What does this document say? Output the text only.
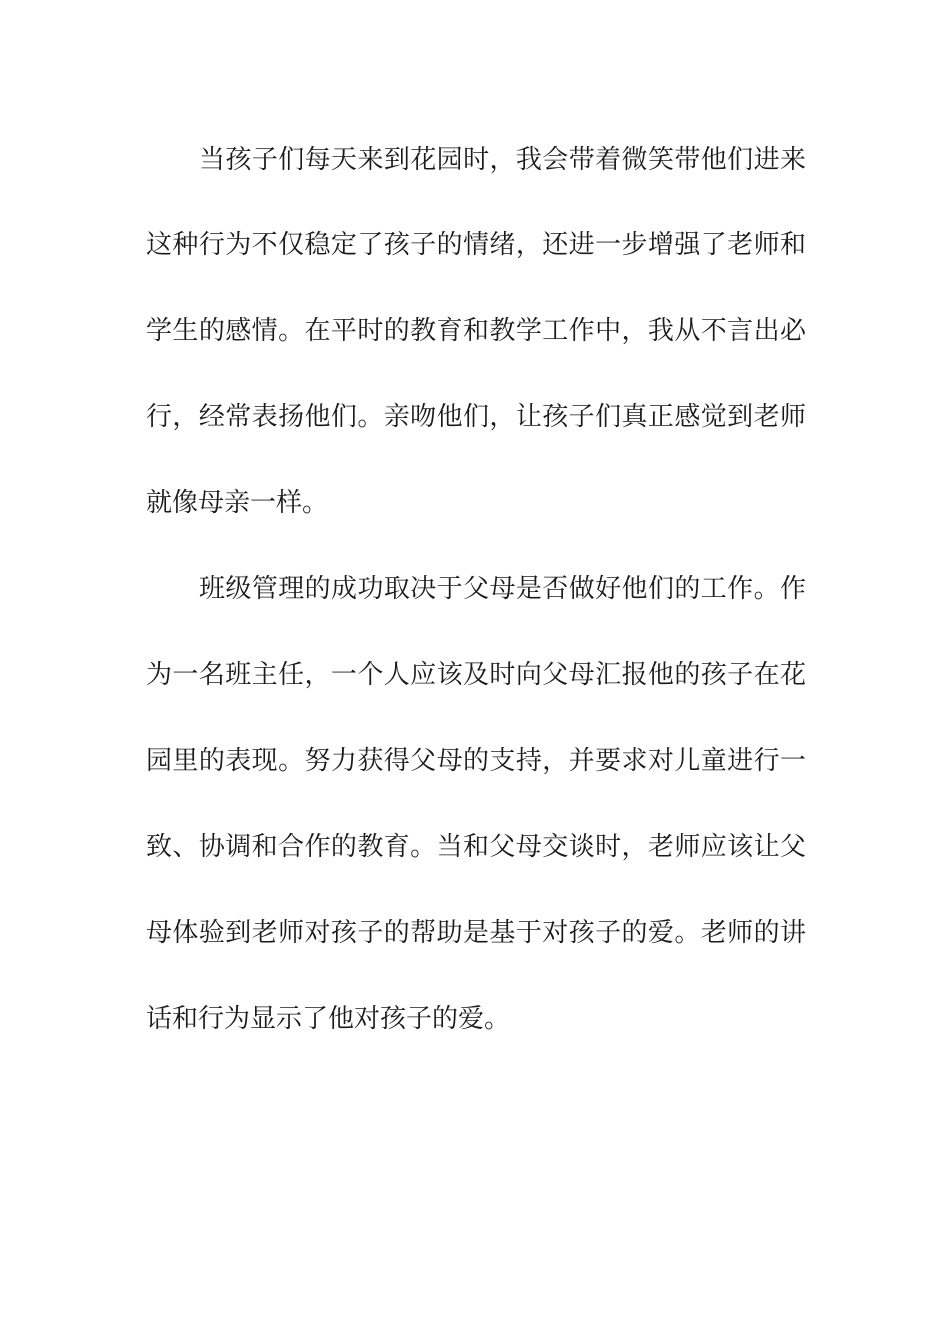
当孩子们每天来到花园时，我会带着微笑带他们进来
这种行为不仅稳定了孩子的情绪，还进一步增强了老师和
学生的感情。在平时的教育和教学工作中，我从不言出必
行，经常表扬他们。亲吻他们，让孩子们真正感觉到老师
就像母亲一样。
班级管理的成功取决于父母是否做好他们的工作。作
为一名班主任，一个人应该及时向父母汇报他的孩子在花
园里的表现。努力获得父母的支持，并要求对儿童进行一
致、协调和合作的教育。当和父母交谈时，老师应该让父
母体验到老师对孩子的帮助是基于对孩子的爱。老师的讲
话和行为显示了他对孩子的爱。
